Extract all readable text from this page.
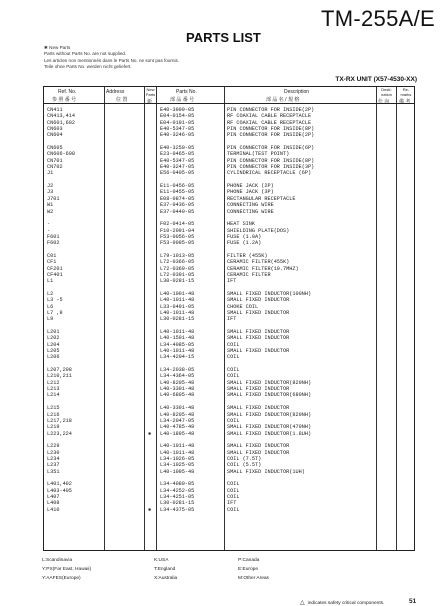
TM-255A/E
PARTS LIST
✱ New Parts
Parts without Parts No. are not supplied.
Les articles non mentionnés dans le Parts No. ne sont pas fournis.
Teile ohne Parts No. werden nicht geliefert.
TX-RX UNIT (X57-4530-XX)
Ref. No.
参 照 番 号
Address
位 置
New Parts
新
Parts No.
部 品 番 号
Description
部 品 名 / 規 格
Desti- nation
仕 向
Re- marks
備 考
CN411	E40-3999-05	PIN CONNECTOR FOR INSIDE(2P)
CN413,414	E04-0154-05	RF COAXIAL CABLE RECEPTACLE
CN601,602	E04-0191-05	RF COAXIAL CABLE RECEPTACLE
CN603	E40-5347-05	PIN CONNECTOR FOR INSIDE(8P)
CN604	E40-3246-05	PIN CONNECTOR FOR INSIDE(2P)
CN605	E40-3250-05	PIN CONNECTOR FOR INSIDE(6P)
CN606-608	E23-0465-05	TERMINAL(TEST POINT)
CN701	E40-5347-05	PIN CONNECTOR FOR INSIDE(8P)
CN702	E40-3247-05	PIN CONNECTOR FOR INSIDE(3P)
J1	E56-0405-05	CYLINDRICAL RECEPTACLE (6P)
J2	E11-0456-05	PHONE JACK (2P)
J3	E11-0455-05	PHONE JACK (3P)
J701	E08-0874-05	RECTANGULAR RECEPTACLE
W1	E37-0436-05	CONNECTING WIRE
W2	E37-0440-05	CONNECTING WIRE
-	F02-0414-05	HEAT SINK
-	F10-2091-04	SHIELDING PLATE(DOS)
F601	F53-0056-05	FUSE (1.0A)
F602	F53-0095-05	FUSE (1.2A)
C01	L79-1013-05	FILTER (455K)
CF1	L72-0366-05	CERAMIC FILTER(455K)
CF201	L72-0369-05	CERAMIC FILTER(10.7MHZ)
CF401	L72-0391-05	CERAMIC FILTER
L1	L30-0281-15	IFT
L2	L40-1001-48	SMALL FIXED INDUCTOR(100NH)
L3 -5	L40-1011-48	SMALL FIXED INDUCTOR
L6	L33-0491-05	CHOKE COIL
L7 ,8	L40-1011-48	SMALL FIXED INDUCTOR
L9	L30-0281-15	IFT
L201	L40-1011-48	SMALL FIXED INDUCTOR
L202	L40-1501-48	SMALL FIXED INDUCTOR
L204	L34-4085-05	COIL
L205	L40-1011-48	SMALL FIXED INDUCTOR
L206	L34-4204-15	COIL
L207,208	L34-2038-05	COIL
L210,211	L34-4364-05	COIL
L212	L40-8205-48	SMALL FIXED INDUCTOR(820NH)
L213	L40-3301-48	SMALL FIXED INDUCTOR
L214	L40-6805-48	SMALL FIXED INDUCTOR(680NH)
L215	L40-3301-48	SMALL FIXED INDUCTOR
L216	L40-8205-48	SMALL FIXED INDUCTOR(820NH)
L217,218	L34-2047-05	COIL
L219	L40-4785-48	SMALL FIXED INDUCTOR(470NH)
L223,224	✱ L40-1895-48	SMALL FIXED INDUCTOR(1.8UH)
L229	L40-1011-48	SMALL FIXED INDUCTOR
L230	L40-1011-48	SMALL FIXED INDUCTOR
L234	L34-1026-05	COIL (7.5T)
L237	L34-1025-05	COIL (5.5T)
L351	L40-1095-48	SMALL FIXED INDUCTOR(1UH)
L401,402	L34-4080-05	COIL
L403-405	L34-4252-05	COIL
L407	L34-4251-05	COIL
L408	L30-0281-15	IFT
L410	✱ L34-4375-05	COIL
L:Scandinavia
Y:PX(Far East, Hawaii)
Y:AAFES(Europe)
K:USA
T:England
X:Australia
P:Canada
E:Europe
M:Other Areas
△ indicates safety critical components.	51
